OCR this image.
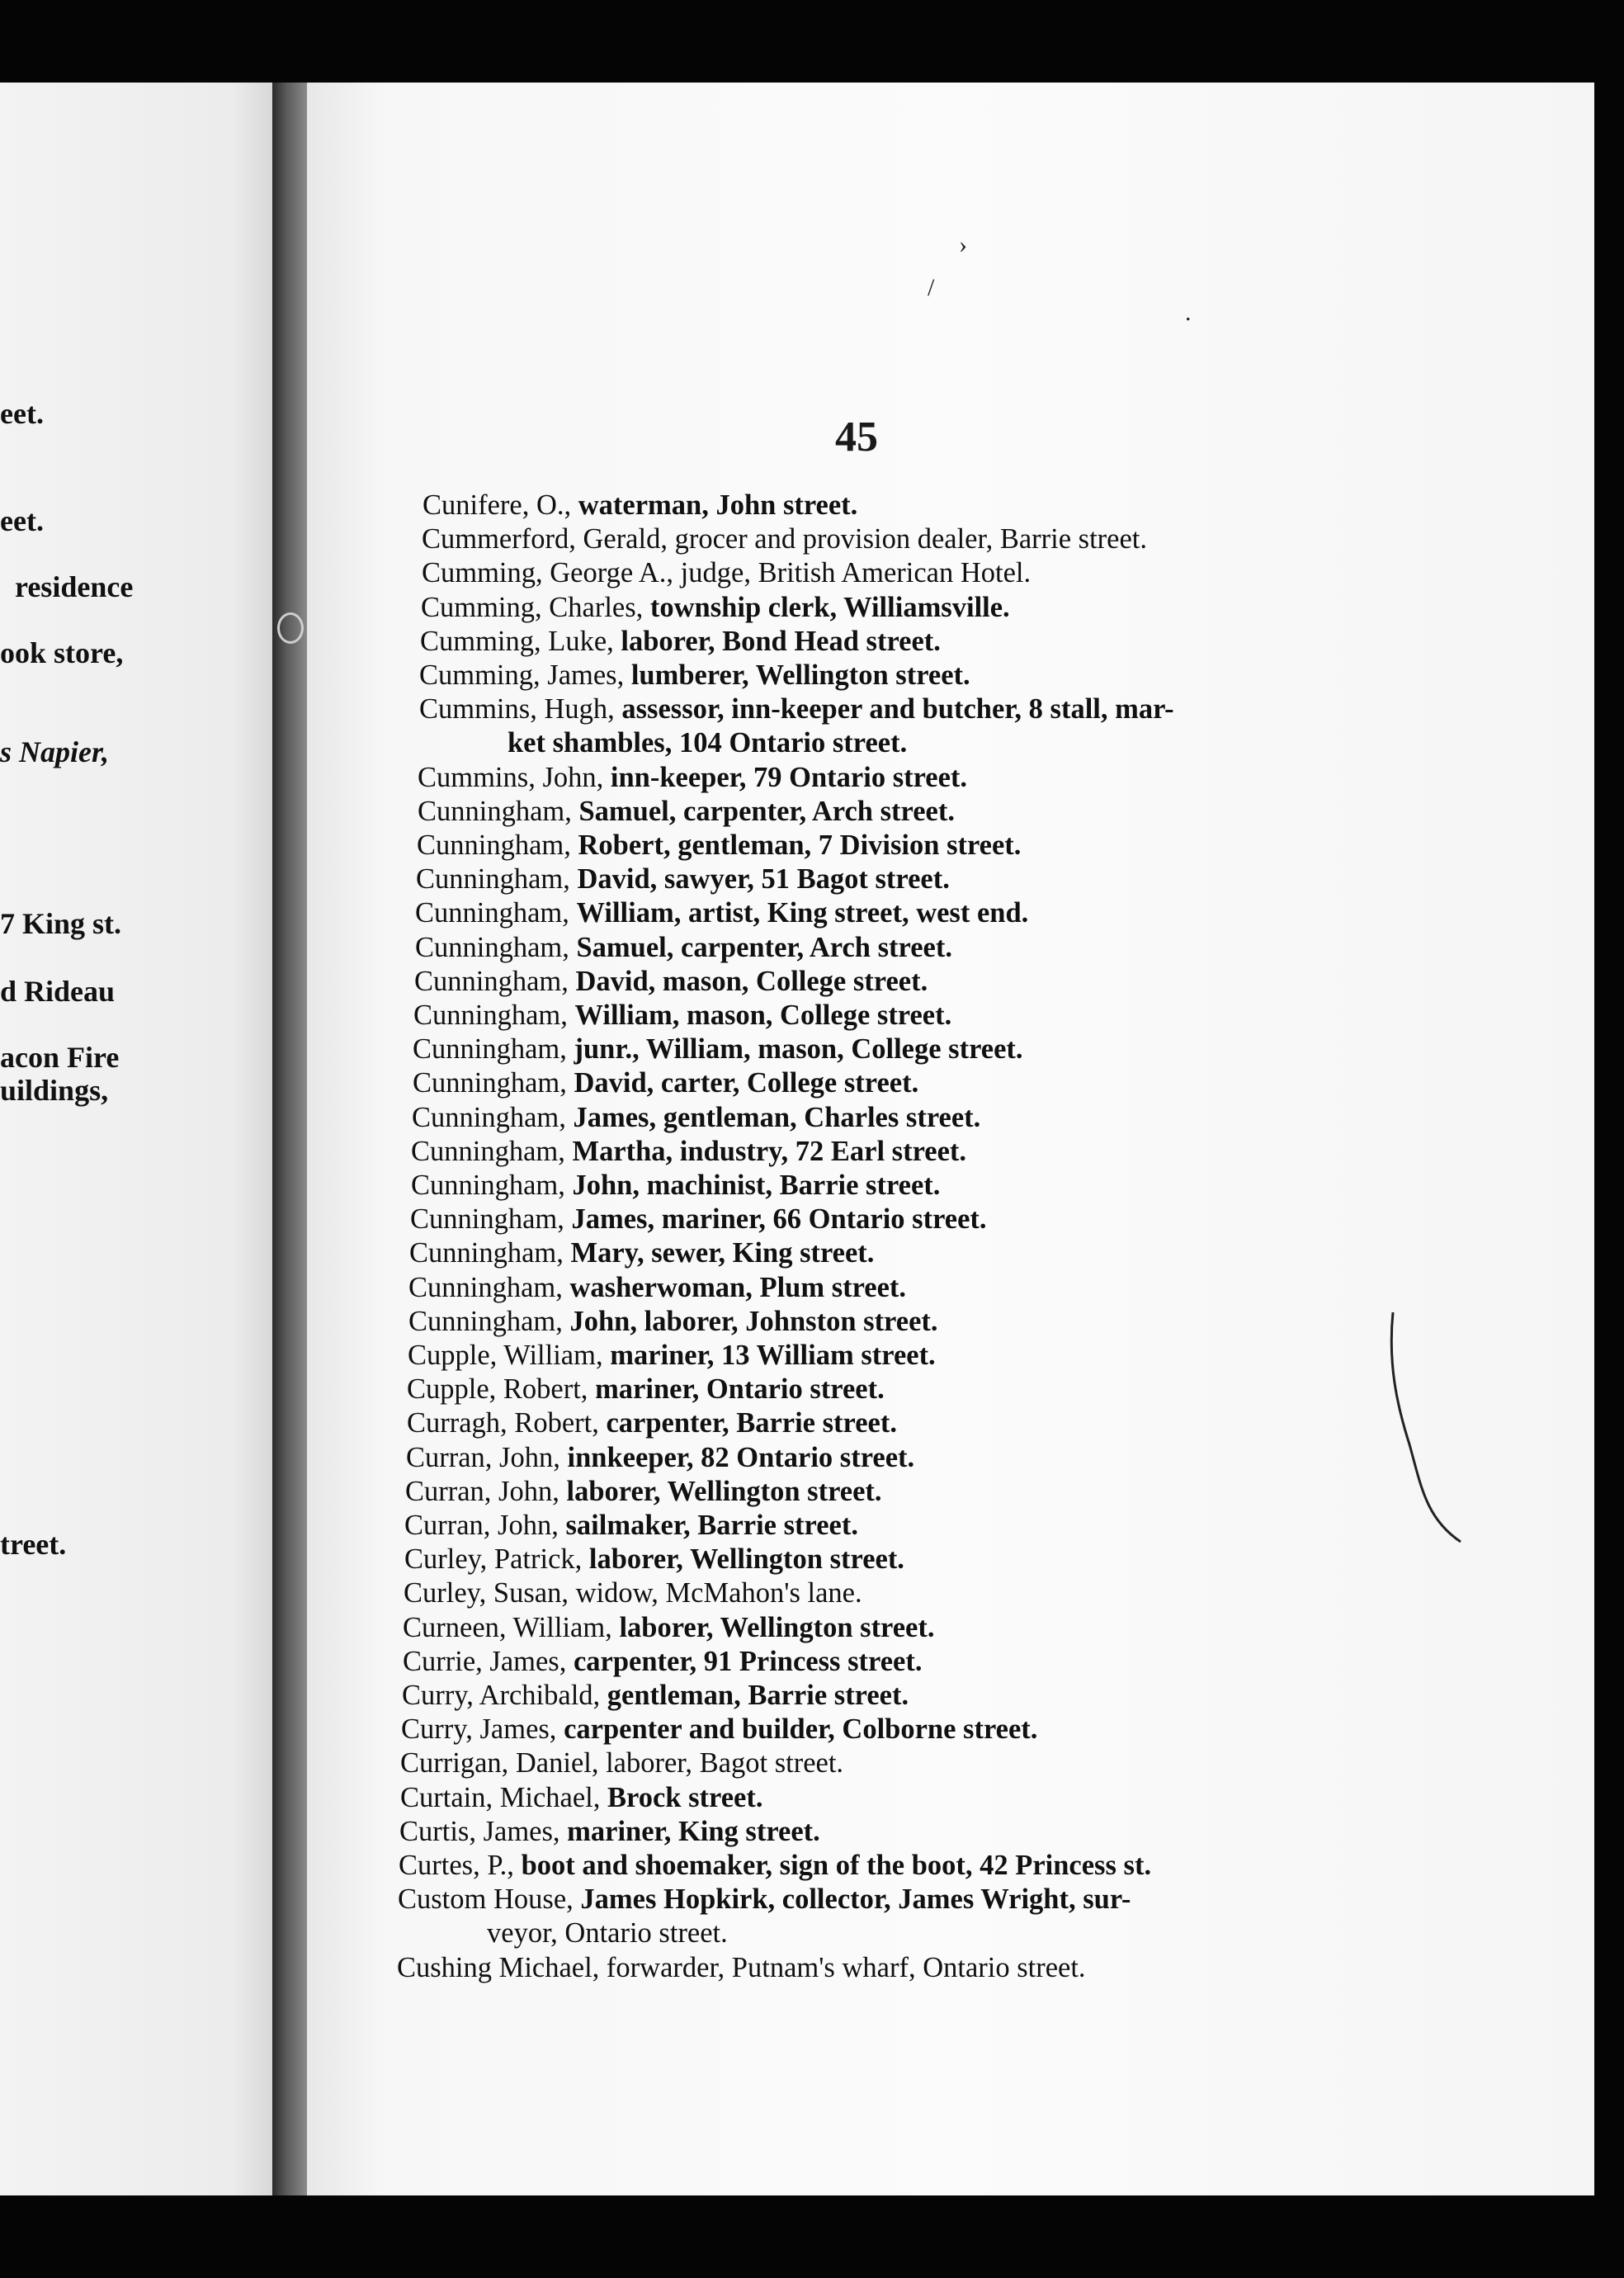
eet.
eet.
residence
ook store,
s Napier,
7 King st.
d Rideau
acon Fire
uildings,
treet.
›
/
.
45
Cunifere, O., waterman, John street.
Cummerford, Gerald, grocer and provision dealer, Barrie street.
Cumming, George A., judge, British American Hotel.
Cumming, Charles, township clerk, Williamsville.
Cumming, Luke, laborer, Bond Head street.
Cumming, James, lumberer, Wellington street.
Cummins, Hugh, assessor, inn-keeper and butcher, 8 stall, mar-
ket shambles, 104 Ontario street.
Cummins, John, inn-keeper, 79 Ontario street.
Cunningham, Samuel, carpenter, Arch street.
Cunningham, Robert, gentleman, 7 Division street.
Cunningham, David, sawyer, 51 Bagot street.
Cunningham, William, artist, King street, west end.
Cunningham, Samuel, carpenter, Arch street.
Cunningham, David, mason, College street.
Cunningham, William, mason, College street.
Cunningham, junr., William, mason, College street.
Cunningham, David, carter, College street.
Cunningham, James, gentleman, Charles street.
Cunningham, Martha, industry, 72 Earl street.
Cunningham, John, machinist, Barrie street.
Cunningham, James, mariner, 66 Ontario street.
Cunningham, Mary, sewer, King street.
Cunningham, washerwoman, Plum street.
Cunningham, John, laborer, Johnston street.
Cupple, William, mariner, 13 William street.
Cupple, Robert, mariner, Ontario street.
Curragh, Robert, carpenter, Barrie street.
Curran, John, innkeeper, 82 Ontario street.
Curran, John, laborer, Wellington street.
Curran, John, sailmaker, Barrie street.
Curley, Patrick, laborer, Wellington street.
Curley, Susan, widow, McMahon's lane.
Curneen, William, laborer, Wellington street.
Currie, James, carpenter, 91 Princess street.
Curry, Archibald, gentleman, Barrie street.
Curry, James, carpenter and builder, Colborne street.
Currigan, Daniel, laborer, Bagot street.
Curtain, Michael, Brock street.
Curtis, James, mariner, King street.
Curtes, P., boot and shoemaker, sign of the boot, 42 Princess st.
Custom House, James Hopkirk, collector, James Wright, sur-
veyor, Ontario street.
Cushing Michael, forwarder, Putnam's wharf, Ontario street.
